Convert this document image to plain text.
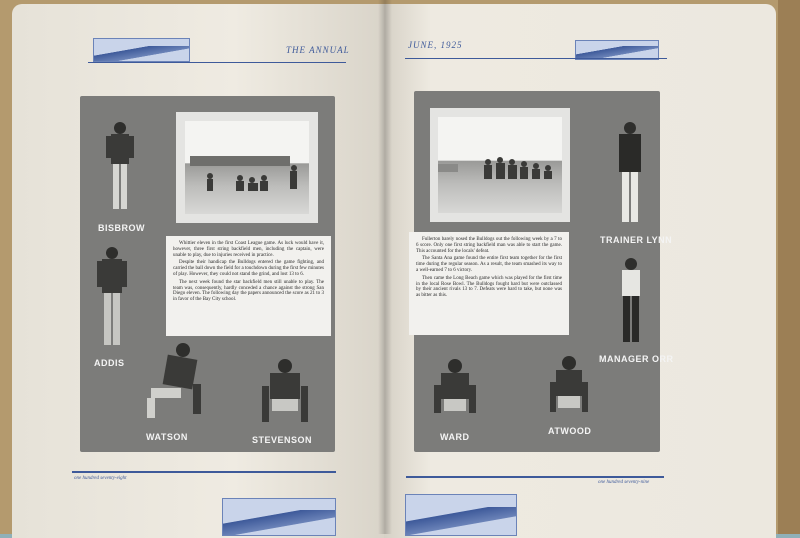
THE ANNUAL
BISBROW
ADDIS
WATSON	STEVENSON

Whittier eleven in the first Coast League game. As luck would have it, however, three first string backfield men, including the captain, were unable to play, due to injuries received in practice.

Despite their handicap the Bulldogs entered the game fighting, and carried the ball down the field for a touchdown during the first few minutes of play. However, they could not stand the grind, and lost 13 to 6.

The next week found the star backfield men still unable to play. The team was, consequently, hardly conceded a chance against the strong San Diego eleven. The following day the papers announced the score as 21 to 3 in favor of the Bay City school.

one hundred seventy-eight
JUNE, 1925
TRAINER LYNN
MANAGER ORR
WARD
ATWOOD

Fullerton barely nosed the Bulldogs out the following week by a 7 to 6 score. Only one first string backfield man was able to start the game. This accounted for the locals' defeat.

The Santa Ana game found the entire first team together for the first time during the regular season. As a result, the team smashed its way to a well-earned 7 to 6 victory.

Then came the Long Beach game which was played for the first time in the local Rose Bowl. The Bulldogs fought hard but were outclassed by their ancient rivals 13 to 7. Defeats were hard to take, but none was as bitter as this.

one hundred seventy-nine
